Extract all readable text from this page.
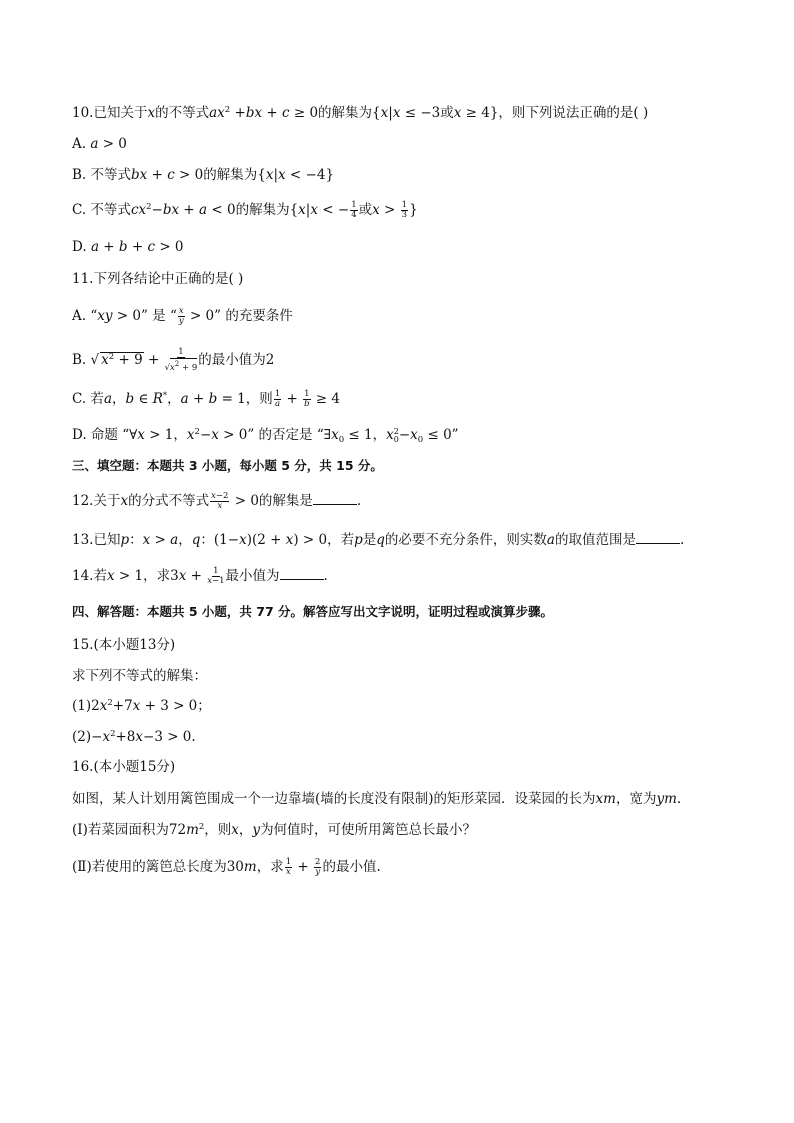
10.已知关于x的不等式$ax^2 +bx + c \ge 0$的解集为{x|x ≤ −3或x ≥ 4}，则下列说法正确的是( )
A. a > 0
B. 不等式bx + c > 0的解集为{x|x < −4}
C. 不等式$cx^2-bx + a < 0$的解集为{x|x < − $\frac{1}{4}$ 或$x > \frac{1}{3}$ }
D. a + b + c > 0
11.下列各结论中正确的是( )
A. “xy > 0” 是 “ $\frac{x}{y} > 0$” 的充要条件
B. √ $x^2 + 9 + \frac{1}{√x^2 + 9}$ 的最小值为2
C. 若a，b ∈ R*，a + b = 1，则 $\frac{1}{a} + \frac{1}{b} \ge 4$
D. 命题 “∀x > 1，$x^2-x > 0$” 的否定是 “$\exists x_0 \le 1$，x 2
$0 -x_0 \le 0$”
三、填空题：本题共 3 小题，每小题 5 分，共 15 分。
12.关于x的分式不等式 $\frac{x-2}{x} > 0$的解集是	.
13.已知p：x > a，q：(1−x)(2 + x) > 0，若p是q的必要不充分条件，则实数a的取值范围是	.
14.若x > 1，求$3x + \frac{1}{x-1}$ 最小值为	.
四、解答题：本题共 5 小题，共 77 分。解答应写出文字说明，证明过程或演算步骤。
15.(本小题13分)
求下列不等式的解集：
$(1)2x^2+7x + 3 > 0$；
$(2)-x^2+8x-3 > 0$.
16.(本小题15分)
如图，某人计划用篱笆围成一个一边靠墙(墙的长度没有限制)的矩形菜园．设菜园的长为xm，宽为ym.
(Ⅰ)若菜园面积为$72m^2$，则x，y为何值时，可使所用篱笆总长最小？
(Ⅱ)若使用的篱笆总长度为30m，求 $\frac{1}{x} + \frac{2}{y}$ 的最小值.
